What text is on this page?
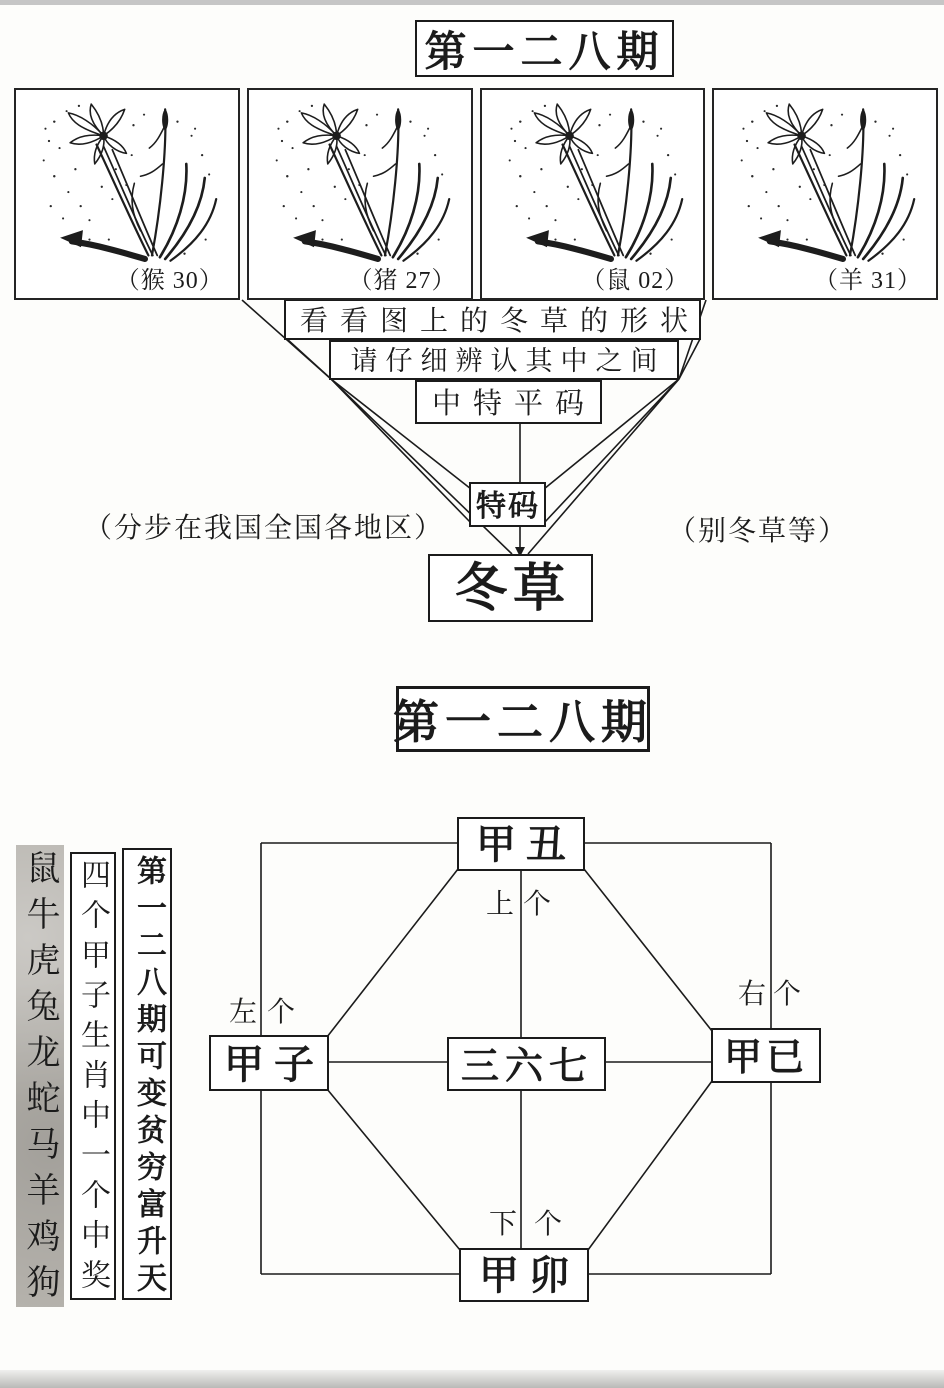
看看图上的冬草的形状
请仔细辨认其中之间
中特平码
特码
冬草
甲 丑
甲 子	甲已
甲 卯
三六七
上 个
左 个
右 个
下 个
第一二八期
第一二八期
（猴 30）	（猪 27）	（鼠 02）	（羊 31）
（分步在我国全国各地区）	（别冬草等）
鼠牛虎兔龙蛇马羊鸡狗 四个甲子生肖中一个中奖 第一二八期可变贫穷富升天
